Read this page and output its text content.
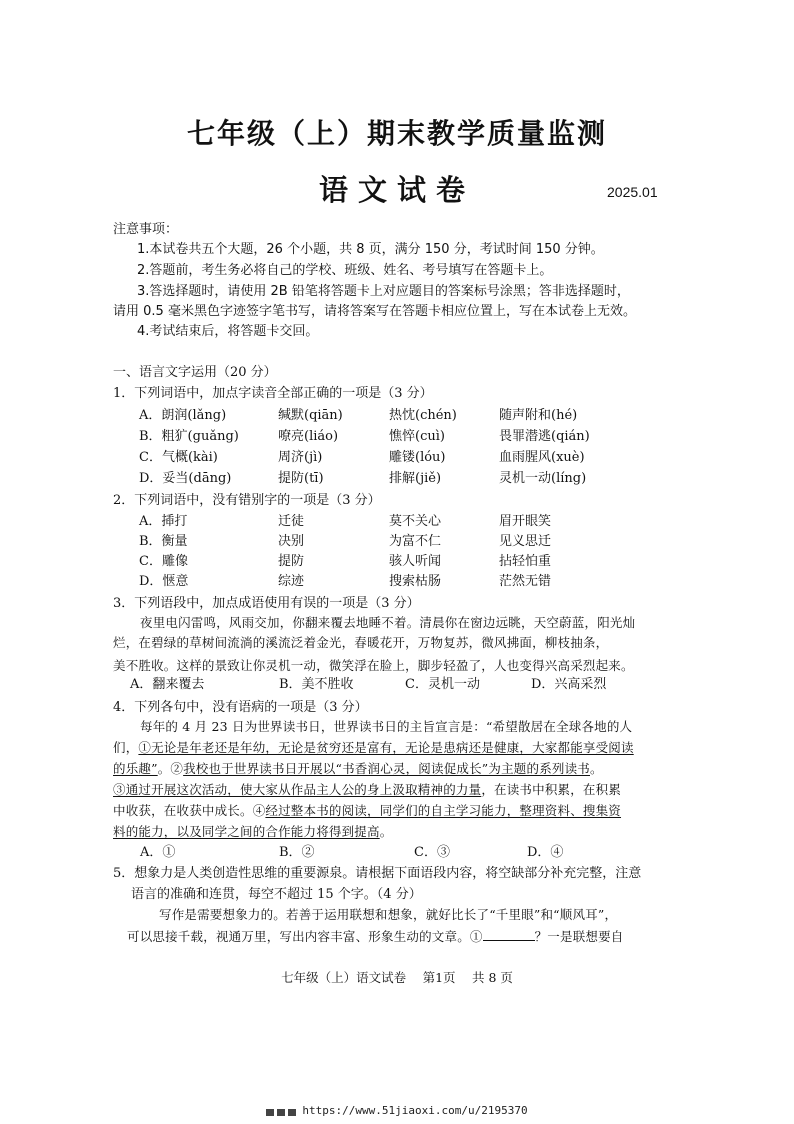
七年级（上）期末教学质量监测
语文试卷	2025.01
注意事项：
1.本试卷共五个大题，26 个小题，共 8 页，满分 150 分，考试时间 150 分钟。
2.答题前，考生务必将自己的学校、班级、姓名、考号填写在答题卡上。
3.答选择题时，请使用 2B 铅笔将答题卡上对应题目的答案标号涂黑；答非选择题时，
请用 0.5 毫米黑色字迹签字笔书写，请将答案写在答题卡相应位置上，写在本试卷上无效。
4.考试结束后，将答题卡交回。
一、语言文字运用（20 分）
1．下列词语中，加点字读音全部正确的一项是（3 分）
A．朗润(lǎng)	缄默(qiān)	热忱(chén)	随声附和(hé)
B．粗犷(guǎng)	嘹亮(liáo)	憔悴(cuì)	畏罪潜逃(qián)
C．气概(kài)	周济(jì)	雕镂(lóu)	血雨腥风(xuè)
D．妥当(dāng)	提防(tī)	排解(jiě)	灵机一动(líng)
2．下列词语中，没有错别字的一项是（3 分）
A．揷打	迁徒	莫不关心	眉开眼笑
B．衡量	决别	为富不仁	见义思迁
C．雕像	提防	骇人听闻	拈轻怕重
D．惬意	综迹	搜索枯肠	茫然无错
3．下列语段中，加点成语使用有误的一项是（3 分）
夜里电闪雷鸣，风雨交加，你翻来覆去地睡不着。清晨你在窗边远眺，天空蔚蓝，阳光灿
烂，在碧绿的草树间流淌的溪流泛着金光，春暖花开，万物复苏，微风拂面，柳枝抽条，
美不胜收。这样的景致让你灵机一动，微笑浮在脸上，脚步轻盈了，人也变得兴高采烈起来。
A．翻来覆去	B．美不胜收	C．灵机一动	D．兴高采烈
4．下列各句中，没有语病的一项是（3 分）
每年的 4 月 23 日为世界读书日，世界读书日的主旨宣言是：“希望散居在全球各地的人
们，①无论是年老还是年幼，无论是贫穷还是富有，无论是患病还是健康，大家都能享受阅读
的乐趣”。②我校也于世界读书日开展以“书香润心灵，阅读促成长”为主题的系列读书。
③通过开展这次活动，使大家从作品主人公的身上汲取精神的力量，在读书中积累，在积累
中收获，在收获中成长。④经过整本书的阅读，同学们的自主学习能力，整理资料、搜集资
料的能力，以及同学之间的合作能力将得到提高。
A．①	B．②	C．③	D．④
5．想象力是人类创造性思维的重要源泉。请根据下面语段内容，将空缺部分补充完整，注意
语言的准确和连贯，每空不超过 15 个字。（4 分）
写作是需要想象力的。若善于运用联想和想象，就好比长了“千里眼”和“顺风耳”，
可以思接千载，视通万里，写出内容丰富、形象生动的文章。①	？一是联想要自
七年级（上）语文试卷　 第1页　 共 8 页
https://www.51jiaoxi.com/u/2195370
